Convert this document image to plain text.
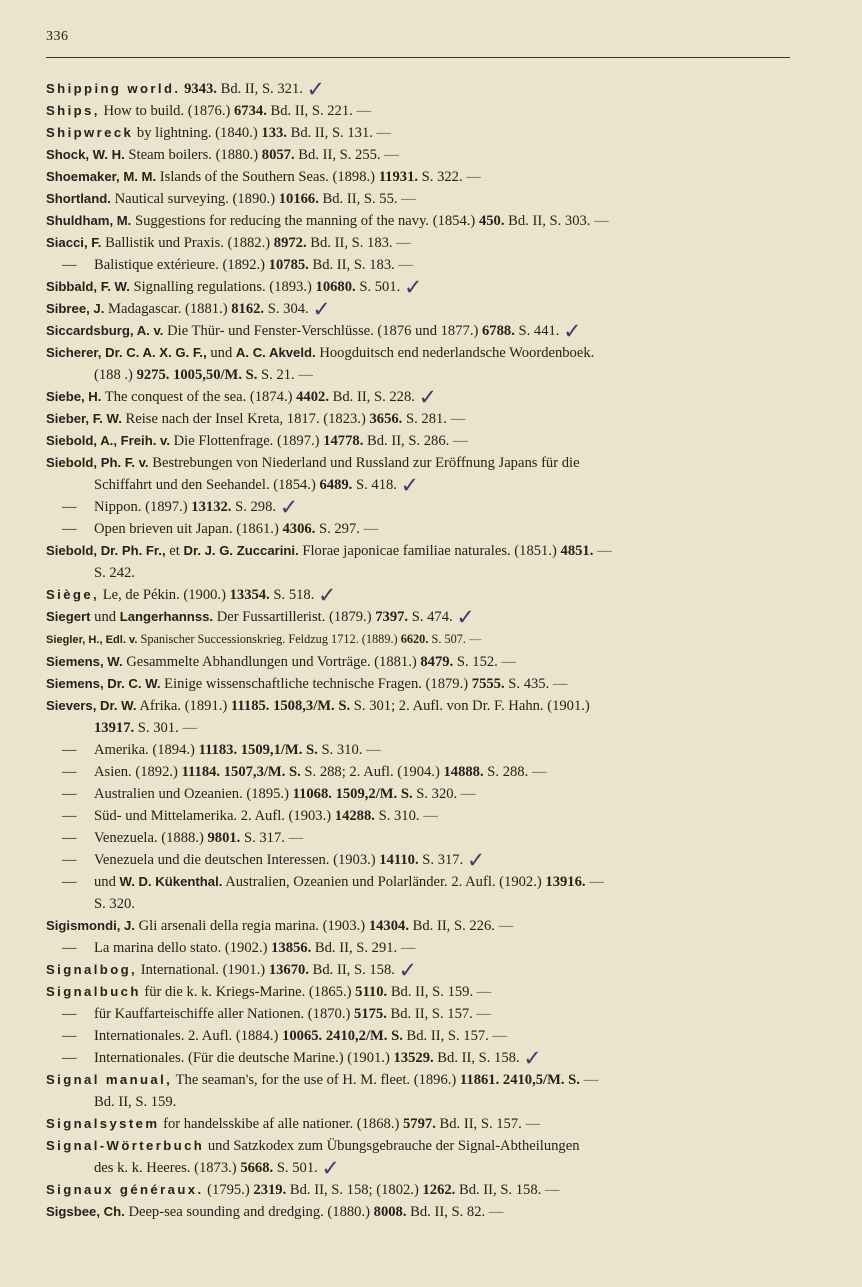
336
Shipping world. 9343. Bd. II, S. 321. ✓
Ships, How to build. (1876.) 6734. Bd. II, S. 221. —
Shipwreck by lightning. (1840.) 133. Bd. II, S. 131. —
Shock, W. H. Steam boilers. (1880.) 8057. Bd. II, S. 255. —
Shoemaker, M. M. Islands of the Southern Seas. (1898.) 11931. S. 322. —
Shortland. Nautical surveying. (1890.) 10166. Bd. II, S. 55. —
Shuldham, M. Suggestions for reducing the manning of the navy. (1854.) 450. Bd. II, S. 303. —
Siacci, F. Ballistik und Praxis. (1882.) 8972. Bd. II, S. 183. —
— Balistique extérieure. (1892.) 10785. Bd. II, S. 183. —
Sibbald, F. W. Signalling regulations. (1893.) 10680. S. 501. ✓
Sibree, J. Madagascar. (1881.) 8162. S. 304. ✓
Siccardsburg, A. v. Die Thür- und Fenster-Verschlüsse. (1876 und 1877.) 6788. S. 441. ✓
Sicherer, Dr. C. A. X. G. F., und A. C. Akveld. Hoogduitsch end nederlandsche Woordenboek.
(188 .) 9275. 1005,50/M. S. S. 21. —
Siebe, H. The conquest of the sea. (1874.) 4402. Bd. II, S. 228. ✓
Sieber, F. W. Reise nach der Insel Kreta, 1817. (1823.) 3656. S. 281. —
Siebold, A., Freih. v. Die Flottenfrage. (1897.) 14778. Bd. II, S. 286. —
Siebold, Ph. F. v. Bestrebungen von Niederland und Russland zur Eröffnung Japans für die
Schiffahrt und den Seehandel. (1854.) 6489. S. 418. ✓
— Nippon. (1897.) 13132. S. 298. ✓
— Open brieven uit Japan. (1861.) 4306. S. 297. —
Siebold, Dr. Ph. Fr., et Dr. J. G. Zuccarini. Florae japonicae familiae naturales. (1851.) 4851. —
S. 242.
Siège, Le, de Pékin. (1900.) 13354. S. 518. ✓
Siegert und Langerhannss. Der Fussartillerist. (1879.) 7397. S. 474. ✓
Siegler, H., Edl. v. Spanischer Successionskrieg. Feldzug 1712. (1889.) 6620. S. 507. —
Siemens, W. Gesammelte Abhandlungen und Vorträge. (1881.) 8479. S. 152. —
Siemens, Dr. C. W. Einige wissenschaftliche technische Fragen. (1879.) 7555. S. 435. —
Sievers, Dr. W. Afrika. (1891.) 11185. 1508,3/M. S. S. 301; 2. Aufl. von Dr. F. Hahn. (1901.)
13917. S. 301. —
— Amerika. (1894.) 11183. 1509,1/M. S. S. 310. —
— Asien. (1892.) 11184. 1507,3/M. S. S. 288; 2. Aufl. (1904.) 14888. S. 288. —
— Australien und Ozeanien. (1895.) 11068. 1509,2/M. S. S. 320. —
— Süd- und Mittelamerika. 2. Aufl. (1903.) 14288. S. 310. —
— Venezuela. (1888.) 9801. S. 317. —
— Venezuela und die deutschen Interessen. (1903.) 14110. S. 317. ✓
— und W. D. Kükenthal. Australien, Ozeanien und Polarländer. 2. Aufl. (1902.) 13916. —
S. 320.
Sigismondi, J. Gli arsenali della regia marina. (1903.) 14304. Bd. II, S. 226. —
— La marina dello stato. (1902.) 13856. Bd. II, S. 291. —
Signalbog, International. (1901.) 13670. Bd. II, S. 158. ✓
Signalbuch für die k. k. Kriegs-Marine. (1865.) 5110. Bd. II, S. 159. —
— für Kauffarteischiffe aller Nationen. (1870.) 5175. Bd. II, S. 157. —
— Internationales. 2. Aufl. (1884.) 10065. 2410,2/M. S. Bd. II, S. 157. —
— Internationales. (Für die deutsche Marine.) (1901.) 13529. Bd. II, S. 158. ✓
Signal manual, The seaman's, for the use of H. M. fleet. (1896.) 11861. 2410,5/M. S. —
Bd. II, S. 159.
Signalsystem for handelsskibe af alle nationer. (1868.) 5797. Bd. II, S. 157. —
Signal-Wörterbuch und Satzkodex zum Übungsgebrauche der Signal-Abtheilungen
des k. k. Heeres. (1873.) 5668. S. 501. ✓
Signaux généraux. (1795.) 2319. Bd. II, S. 158; (1802.) 1262. Bd. II, S. 158. —
Sigsbee, Ch. Deep-sea sounding and dredging. (1880.) 8008. Bd. II, S. 82. —
